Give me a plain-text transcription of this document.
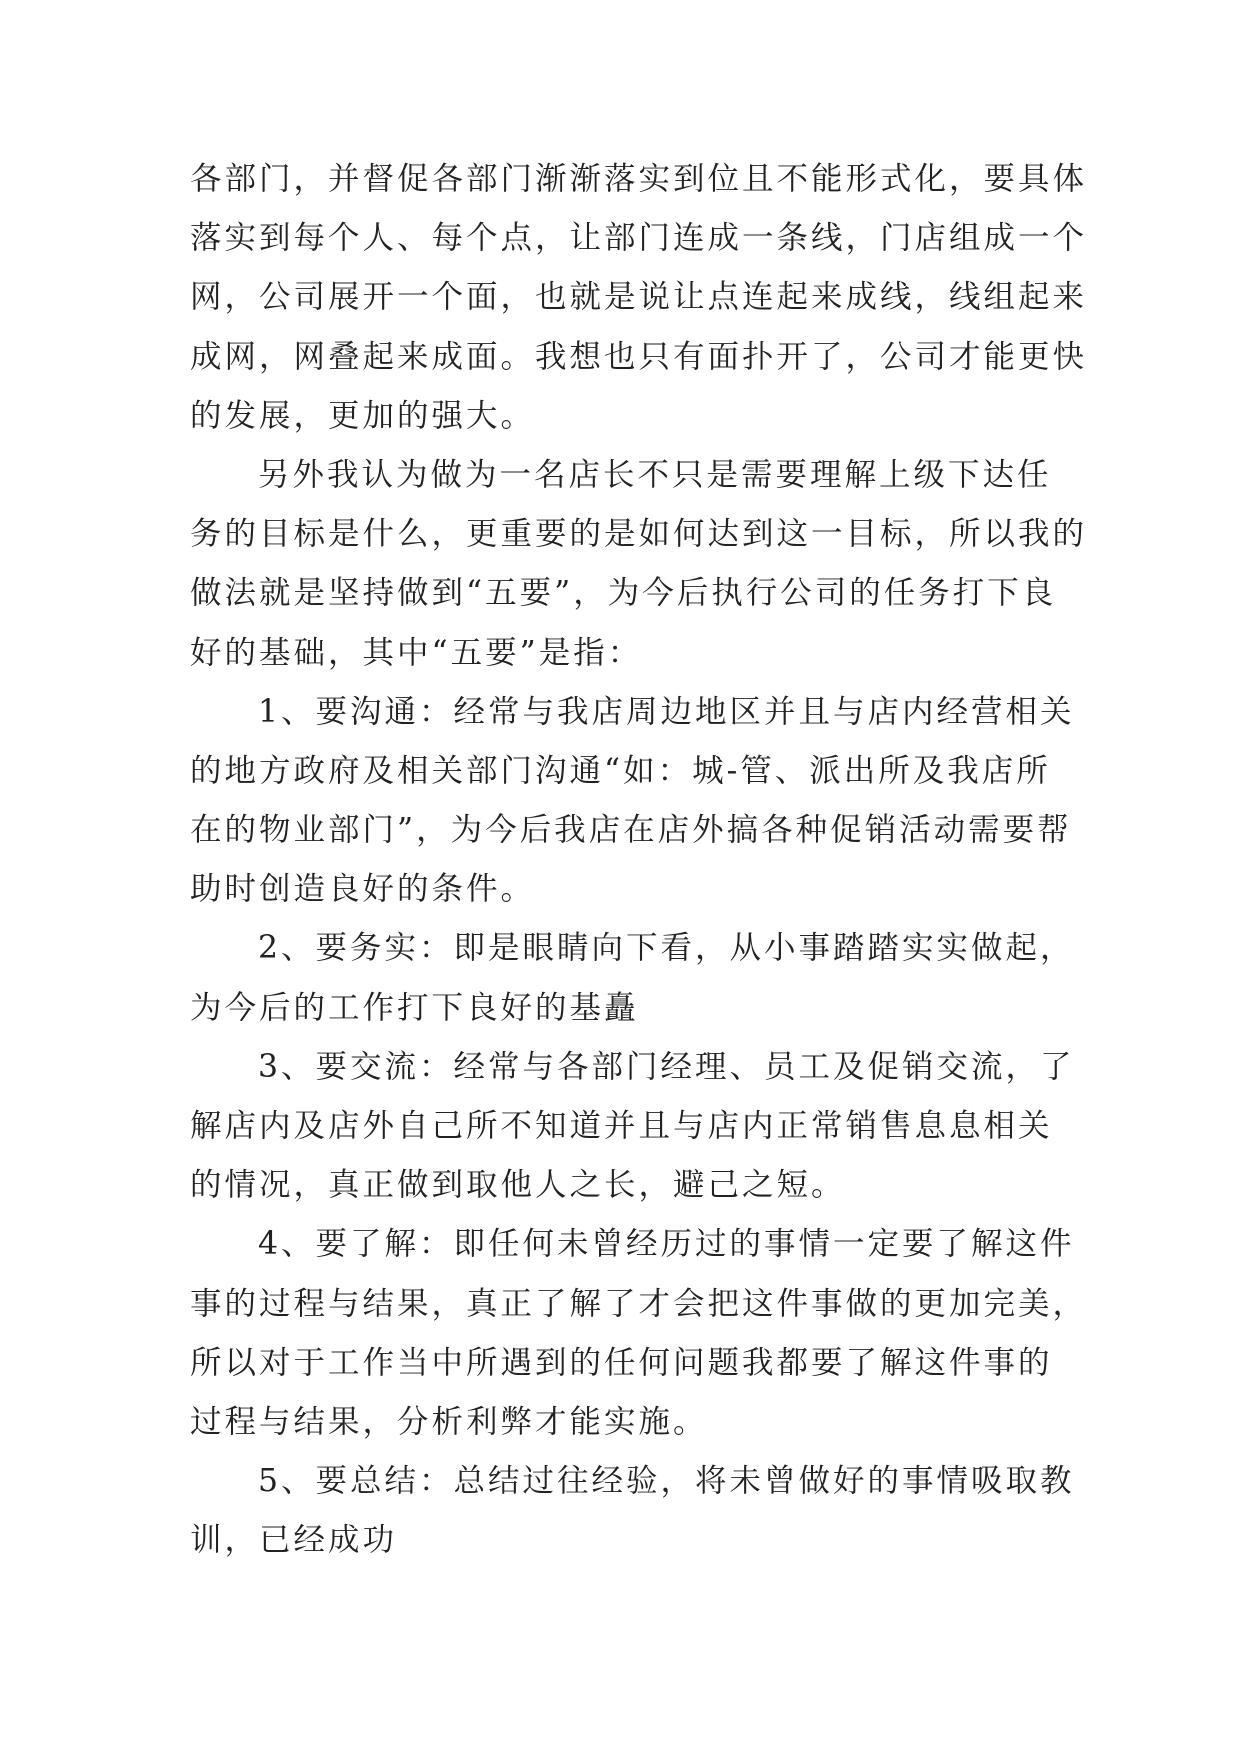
各部门，并督促各部门渐渐落实到位且不能形式化，要具体
落实到每个人、每个点，让部门连成一条线，门店组成一个
网，公司展开一个面，也就是说让点连起来成线，线组起来
成网，网叠起来成面。我想也只有面扑开了，公司才能更快
的发展，更加的强大。
另外我认为做为一名店长不只是需要理解上级下达任
务的目标是什么，更重要的是如何达到这一目标，所以我的
做法就是坚持做到“五要”，为今后执行公司的任务打下良
好的基础，其中“五要”是指：
1、要沟通：经常与我店周边地区并且与店内经营相关
的地方政府及相关部门沟通“如：城-管、派出所及我店所
在的物业部门”，为今后我店在店外搞各种促销活动需要帮
助时创造良好的条件。
2、要务实：即是眼睛向下看，从小事踏踏实实做起，
为今后的工作打下良好的基矗
3、要交流：经常与各部门经理、员工及促销交流，了
解店内及店外自己所不知道并且与店内正常销售息息相关
的情况，真正做到取他人之长，避己之短。
4、要了解：即任何未曾经历过的事情一定要了解这件
事的过程与结果，真正了解了才会把这件事做的更加完美，
所以对于工作当中所遇到的任何问题我都要了解这件事的
过程与结果，分析利弊才能实施。
5、要总结：总结过往经验，将未曾做好的事情吸取教
训，已经成功
